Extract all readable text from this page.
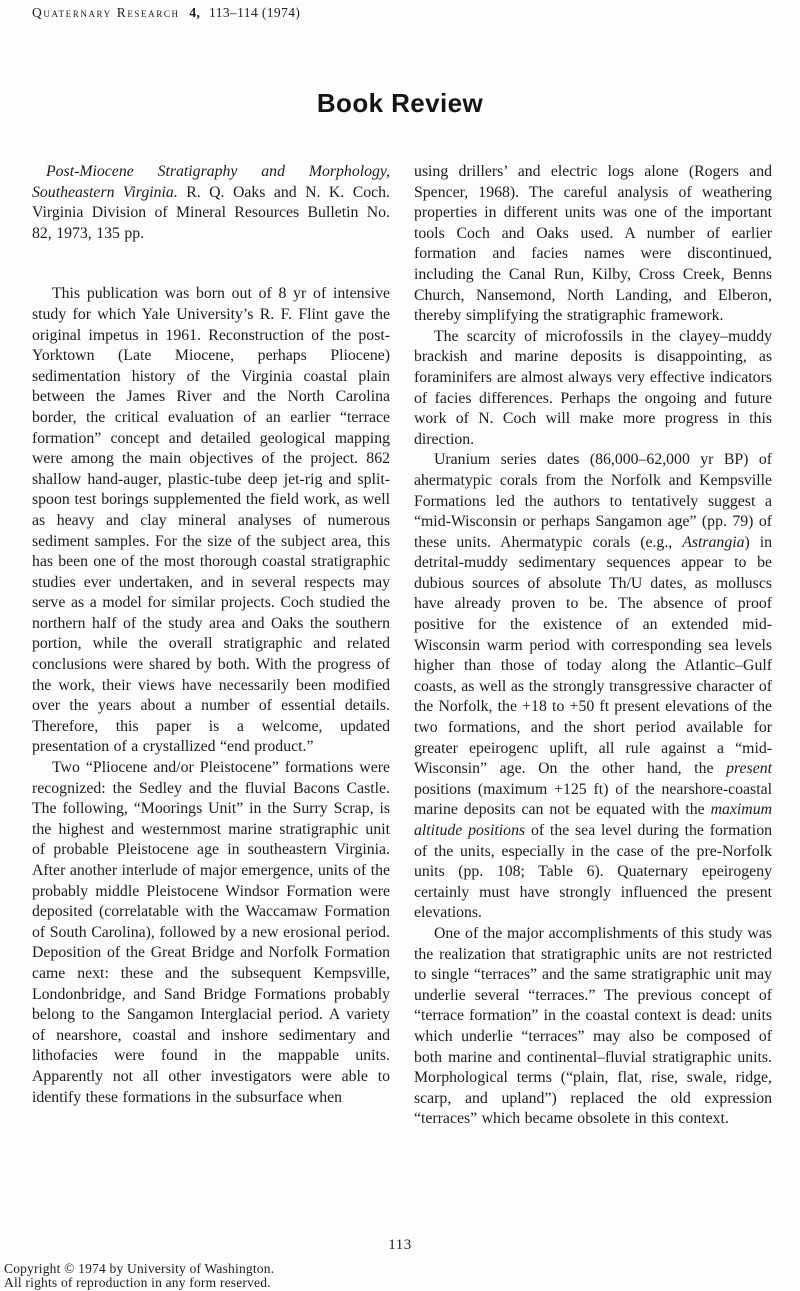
Quaternary Research 4, 113–114 (1974)
Book Review

Post-Miocene Stratigraphy and Morphology, Southeastern Virginia. R. Q. Oaks and N. K. Coch. Virginia Division of Mineral Resources Bulletin No. 82, 1973, 135 pp.

This publication was born out of 8 yr of intensive study for which Yale University’s R. F. Flint gave the original impetus in 1961. Reconstruction of the post-Yorktown (Late Miocene, perhaps Pliocene) sedimentation history of the Virginia coastal plain between the James River and the North Carolina border, the critical evaluation of an earlier “terrace formation” concept and detailed geological mapping were among the main objectives of the project. 862 shallow hand-auger, plastic-tube deep jet-rig and split-spoon test borings supplemented the field work, as well as heavy and clay mineral analyses of numerous sediment samples. For the size of the subject area, this has been one of the most thorough coastal stratigraphic studies ever undertaken, and in several respects may serve as a model for similar projects. Coch studied the northern half of the study area and Oaks the southern portion, while the overall stratigraphic and related conclusions were shared by both. With the progress of the work, their views have necessarily been modified over the years about a number of essential details. Therefore, this paper is a welcome, updated presentation of a crystallized “end product.”

Two “Pliocene and/or Pleistocene” formations were recognized: the Sedley and the fluvial Bacons Castle. The following, “Moorings Unit” in the Surry Scrap, is the highest and westernmost marine stratigraphic unit of probable Pleistocene age in southeastern Virginia. After another interlude of major emergence, units of the probably middle Pleistocene Windsor Formation were deposited (correlatable with the Waccamaw Formation of South Carolina), followed by a new erosional period. Deposition of the Great Bridge and Norfolk Formation came next: these and the subsequent Kempsville, Londonbridge, and Sand Bridge Formations probably belong to the Sangamon Interglacial period. A variety of nearshore, coastal and inshore sedimentary and lithofacies were found in the mappable units. Apparently not all other investigators were able to identify these formations in the subsurface when

using drillers’ and electric logs alone (Rogers and Spencer, 1968). The careful analysis of weathering properties in different units was one of the important tools Coch and Oaks used. A number of earlier formation and facies names were discontinued, including the Canal Run, Kilby, Cross Creek, Benns Church, Nansemond, North Landing, and Elberon, thereby simplifying the stratigraphic framework.

The scarcity of microfossils in the clayey–muddy brackish and marine deposits is disappointing, as foraminifers are almost always very effective indicators of facies differences. Perhaps the ongoing and future work of N. Coch will make more progress in this direction.

Uranium series dates (86,000–62,000 yr BP) of ahermatypic corals from the Norfolk and Kempsville Formations led the authors to tentatively suggest a “mid-Wisconsin or perhaps Sangamon age” (pp. 79) of these units. Ahermatypic corals (e.g., Astrangia) in detrital-muddy sedimentary sequences appear to be dubious sources of absolute Th/U dates, as molluscs have already proven to be. The absence of proof positive for the existence of an extended mid-Wisconsin warm period with corresponding sea levels higher than those of today along the Atlantic–Gulf coasts, as well as the strongly transgressive character of the Norfolk, the +18 to +50 ft present elevations of the two formations, and the short period available for greater epeirogenc uplift, all rule against a “mid-Wisconsin” age. On the other hand, the present positions (maximum +125 ft) of the nearshore-coastal marine deposits can not be equated with the maximum altitude positions of the sea level during the formation of the units, especially in the case of the pre-Norfolk units (pp. 108; Table 6). Quaternary epeirogeny certainly must have strongly influenced the present elevations.

One of the major accomplishments of this study was the realization that stratigraphic units are not restricted to single “terraces” and the same stratigraphic unit may underlie several “terraces.” The previous concept of “terrace formation” in the coastal context is dead: units which underlie “terraces” may also be composed of both marine and continental–fluvial stratigraphic units. Morphological terms (“plain, flat, rise, swale, ridge, scarp, and upland”) replaced the old expression “terraces” which became obsolete in this context.

113
Copyright © 1974 by University of Washington.
All rights of reproduction in any form reserved.
